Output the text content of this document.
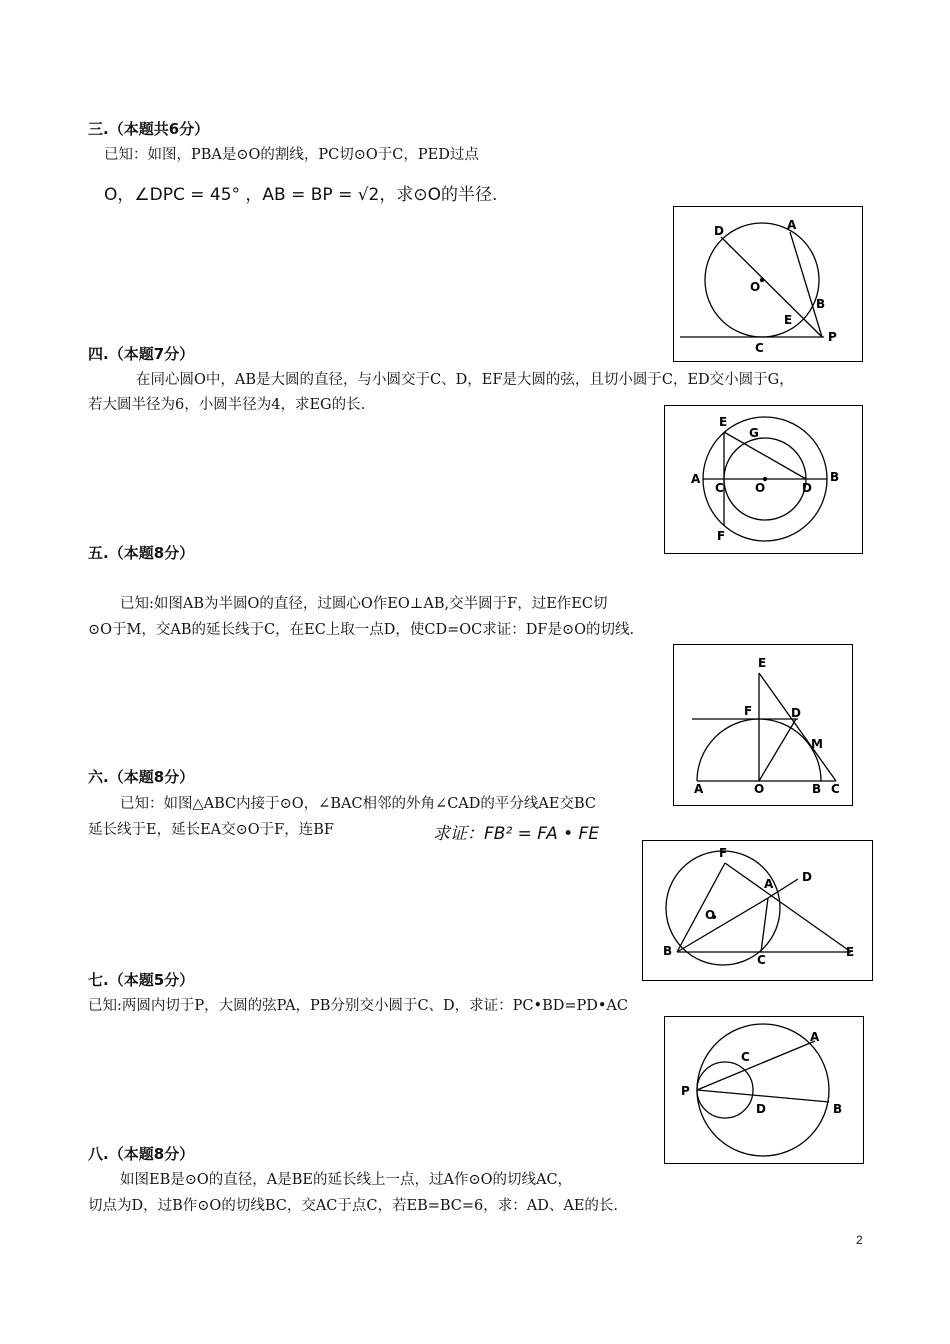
三.（本题共6分）
已知：如图，PBA是⊙O的割线，PC切⊙O于C，PED过点
O，∠DPC = 45° ，AB = BP = √2，求⊙O的半径.
D	A
O
B
E
P
C
四.（本题7分）
在同心圆O中，AB是大圆的直径，与小圆交于C、D，EF是大圆的弦，且切小圆于C，ED交小圆于G，
若大圆半径为6，小圆半径为4，求EG的长.
E
G
A
C	O	D
B
F
五.（本题8分）
已知:如图AB为半圆O的直径，过圆心O作EO⊥AB,交半圆于F，过E作EC切
⊙O于M，交AB的延长线于C，在EC上取一点D，使CD=OC求证：DF是⊙O的切线.
E
F	D
M
A	O	B C
六.（本题8分）
已知：如图△ABC内接于⊙O，∠BAC相邻的外角∠CAD的平分线AE交BC
延长线于E，延长EA交⊙O于F，连BF	求证：FB² = FA • FE
F
A D
O
B
C
E
七.（本题5分）
已知:两圆内切于P，大圆的弦PA，PB分别交小圆于C、D，求证：PC•BD=PD•AC
A
C
P
D	B
八.（本题8分）
如图EB是⊙O的直径，A是BE的延长线上一点，过A作⊙O的切线AC，
切点为D，过B作⊙O的切线BC，交AC于点C，若EB=BC=6，求：AD、AE的长.
2
